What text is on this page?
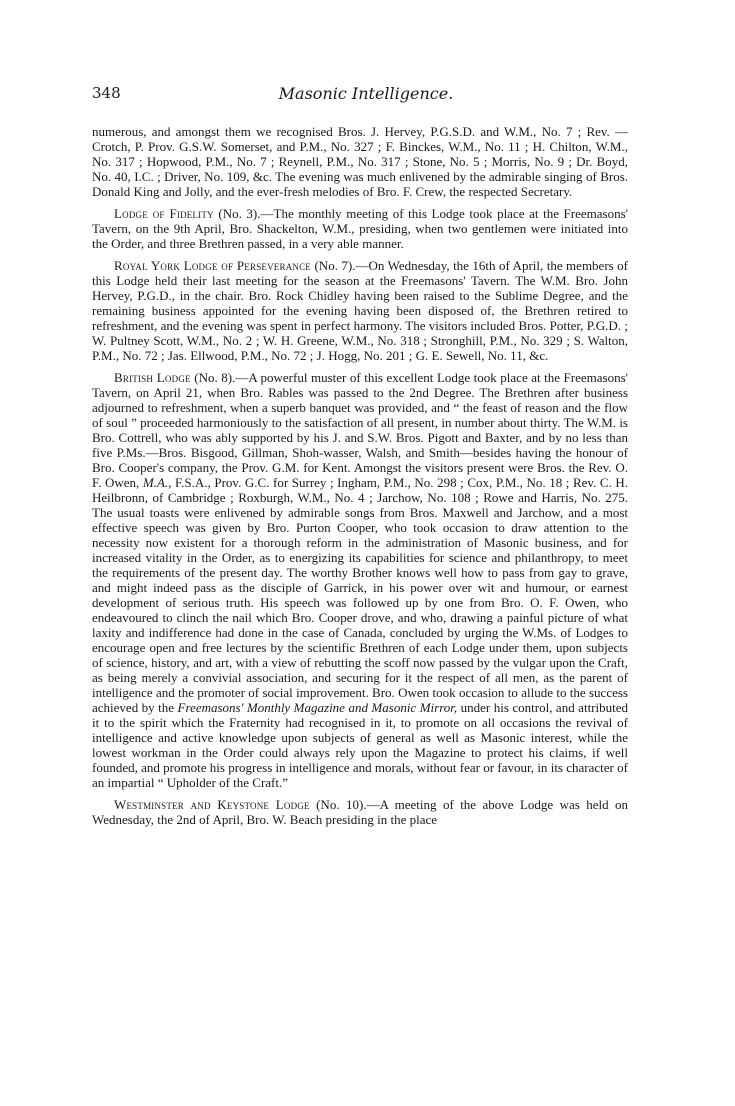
348	Masonic Intelligence.

numerous, and amongst them we recognised Bros. J. Hervey, P.G.S.D. and W.M., No. 7 ; Rev. — Crotch, P. Prov. G.S.W. Somerset, and P.M., No. 327 ; F. Binckes, W.M., No. 11 ; H. Chilton, W.M., No. 317 ; Hopwood, P.M., No. 7 ; Reynell, P.M., No. 317 ; Stone, No. 5 ; Morris, No. 9 ; Dr. Boyd, No. 40, I.C. ; Driver, No. 109, &c. The evening was much enlivened by the admirable singing of Bros. Donald King and Jolly, and the ever-fresh melodies of Bro. F. Crew, the respected Secretary.

Lodge of Fidelity (No. 3).—The monthly meeting of this Lodge took place at the Freemasons' Tavern, on the 9th April, Bro. Shackelton, W.M., presiding, when two gentlemen were initiated into the Order, and three Brethren passed, in a very able manner.

Royal York Lodge of Perseverance (No. 7).—On Wednesday, the 16th of April, the members of this Lodge held their last meeting for the season at the Freemasons' Tavern. The W.M. Bro. John Hervey, P.G.D., in the chair. Bro. Rock Chidley having been raised to the Sublime Degree, and the remaining business appointed for the evening having been disposed of, the Brethren retired to refreshment, and the evening was spent in perfect harmony. The visitors included Bros. Potter, P.G.D. ; W. Pultney Scott, W.M., No. 2 ; W. H. Greene, W.M., No. 318 ; Stronghill, P.M., No. 329 ; S. Walton, P.M., No. 72 ; Jas. Ellwood, P.M., No. 72 ; J. Hogg, No. 201 ; G. E. Sewell, No. 11, &c.

British Lodge (No. 8).—A powerful muster of this excellent Lodge took place at the Freemasons' Tavern, on April 21, when Bro. Rables was passed to the 2nd Degree. The Brethren after business adjourned to refreshment, when a superb banquet was provided, and “ the feast of reason and the flow of soul ” proceeded harmoniously to the satisfaction of all present, in number about thirty. The W.M. is Bro. Cottrell, who was ably supported by his J. and S.W. Bros. Pigott and Baxter, and by no less than five P.Ms.—Bros. Bisgood, Gillman, Shoh-wasser, Walsh, and Smith—besides having the honour of Bro. Cooper's company, the Prov. G.M. for Kent. Amongst the visitors present were Bros. the Rev. O. F. Owen, M.A., F.S.A., Prov. G.C. for Surrey ; Ingham, P.M., No. 298 ; Cox, P.M., No. 18 ; Rev. C. H. Heilbronn, of Cambridge ; Roxburgh, W.M., No. 4 ; Jarchow, No. 108 ; Rowe and Harris, No. 275. The usual toasts were enlivened by admirable songs from Bros. Maxwell and Jarchow, and a most effective speech was given by Bro. Purton Cooper, who took occasion to draw attention to the necessity now existent for a thorough reform in the administration of Masonic business, and for increased vitality in the Order, as to energizing its capabilities for science and philanthropy, to meet the requirements of the present day. The worthy Brother knows well how to pass from gay to grave, and might indeed pass as the disciple of Garrick, in his power over wit and humour, or earnest development of serious truth. His speech was followed up by one from Bro. O. F. Owen, who endeavoured to clinch the nail which Bro. Cooper drove, and who, drawing a painful picture of what laxity and indifference had done in the case of Canada, concluded by urging the W.Ms. of Lodges to encourage open and free lectures by the scientific Brethren of each Lodge under them, upon subjects of science, history, and art, with a view of rebutting the scoff now passed by the vulgar upon the Craft, as being merely a convivial association, and securing for it the respect of all men, as the parent of intelligence and the promoter of social improvement. Bro. Owen took occasion to allude to the success achieved by the Freemasons' Monthly Magazine and Masonic Mirror, under his control, and attributed it to the spirit which the Fraternity had recognised in it, to promote on all occasions the revival of intelligence and active knowledge upon subjects of general as well as Masonic interest, while the lowest workman in the Order could always rely upon the Magazine to protect his claims, if well founded, and promote his progress in intelligence and morals, without fear or favour, in its character of an impartial “ Upholder of the Craft.”

Westminster and Keystone Lodge (No. 10).—A meeting of the above Lodge was held on Wednesday, the 2nd of April, Bro. W. Beach presiding in the place
